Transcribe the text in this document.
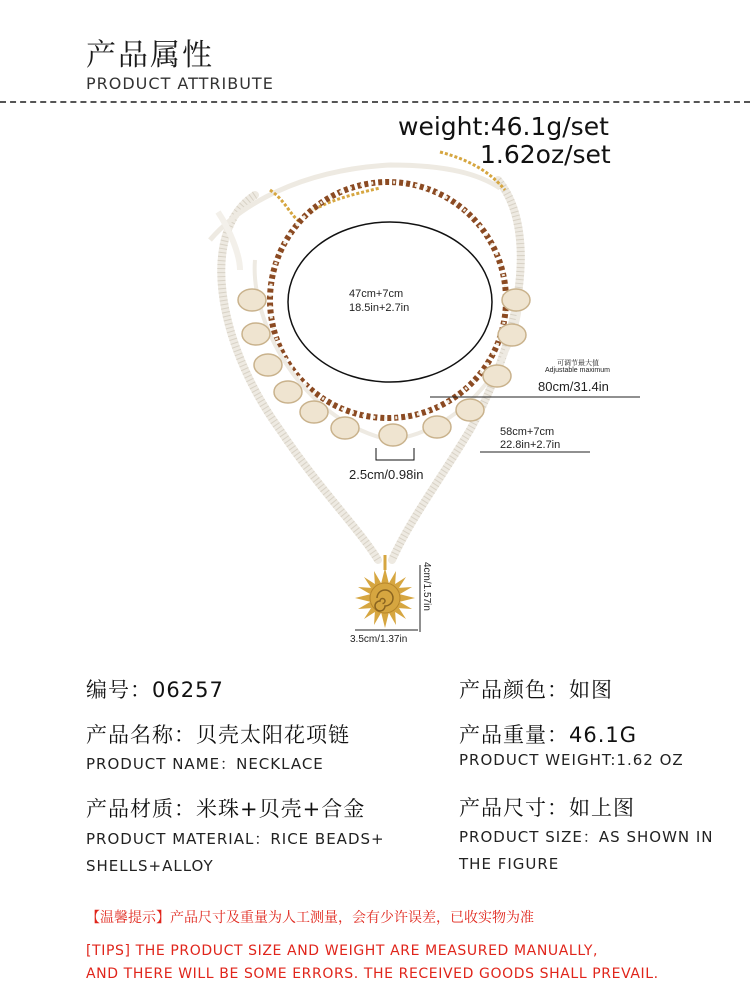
产品属性
PRODUCT ATTRIBUTE
weight:46.1g/set
1.62oz/set
47cm+7cm
18.5in+2.7in
可调节最大值
Adjustable maximum
80cm/31.4in
58cm+7cm
22.8in+2.7in
2.5cm/0.98in
4cm/1.57in
3.5cm/1.37in
编号：06257	产品颜色：如图
产品名称：贝壳太阳花项链
PRODUCT NAME：NECKLACE
产品重量：46.1G
PRODUCT WEIGHT:1.62 OZ
产品材质：米珠+贝壳+合金
PRODUCT MATERIAL：RICE BEADS+
SHELLS+ALLOY
产品尺寸：如上图
PRODUCT SIZE：AS SHOWN IN
THE FIGURE
【温馨提示】产品尺寸及重量为人工测量，会有少许误差，已收实物为准
[TIPS] THE PRODUCT SIZE AND WEIGHT ARE MEASURED MANUALLY,
AND THERE WILL BE SOME ERRORS. THE RECEIVED GOODS SHALL PREVAIL.
